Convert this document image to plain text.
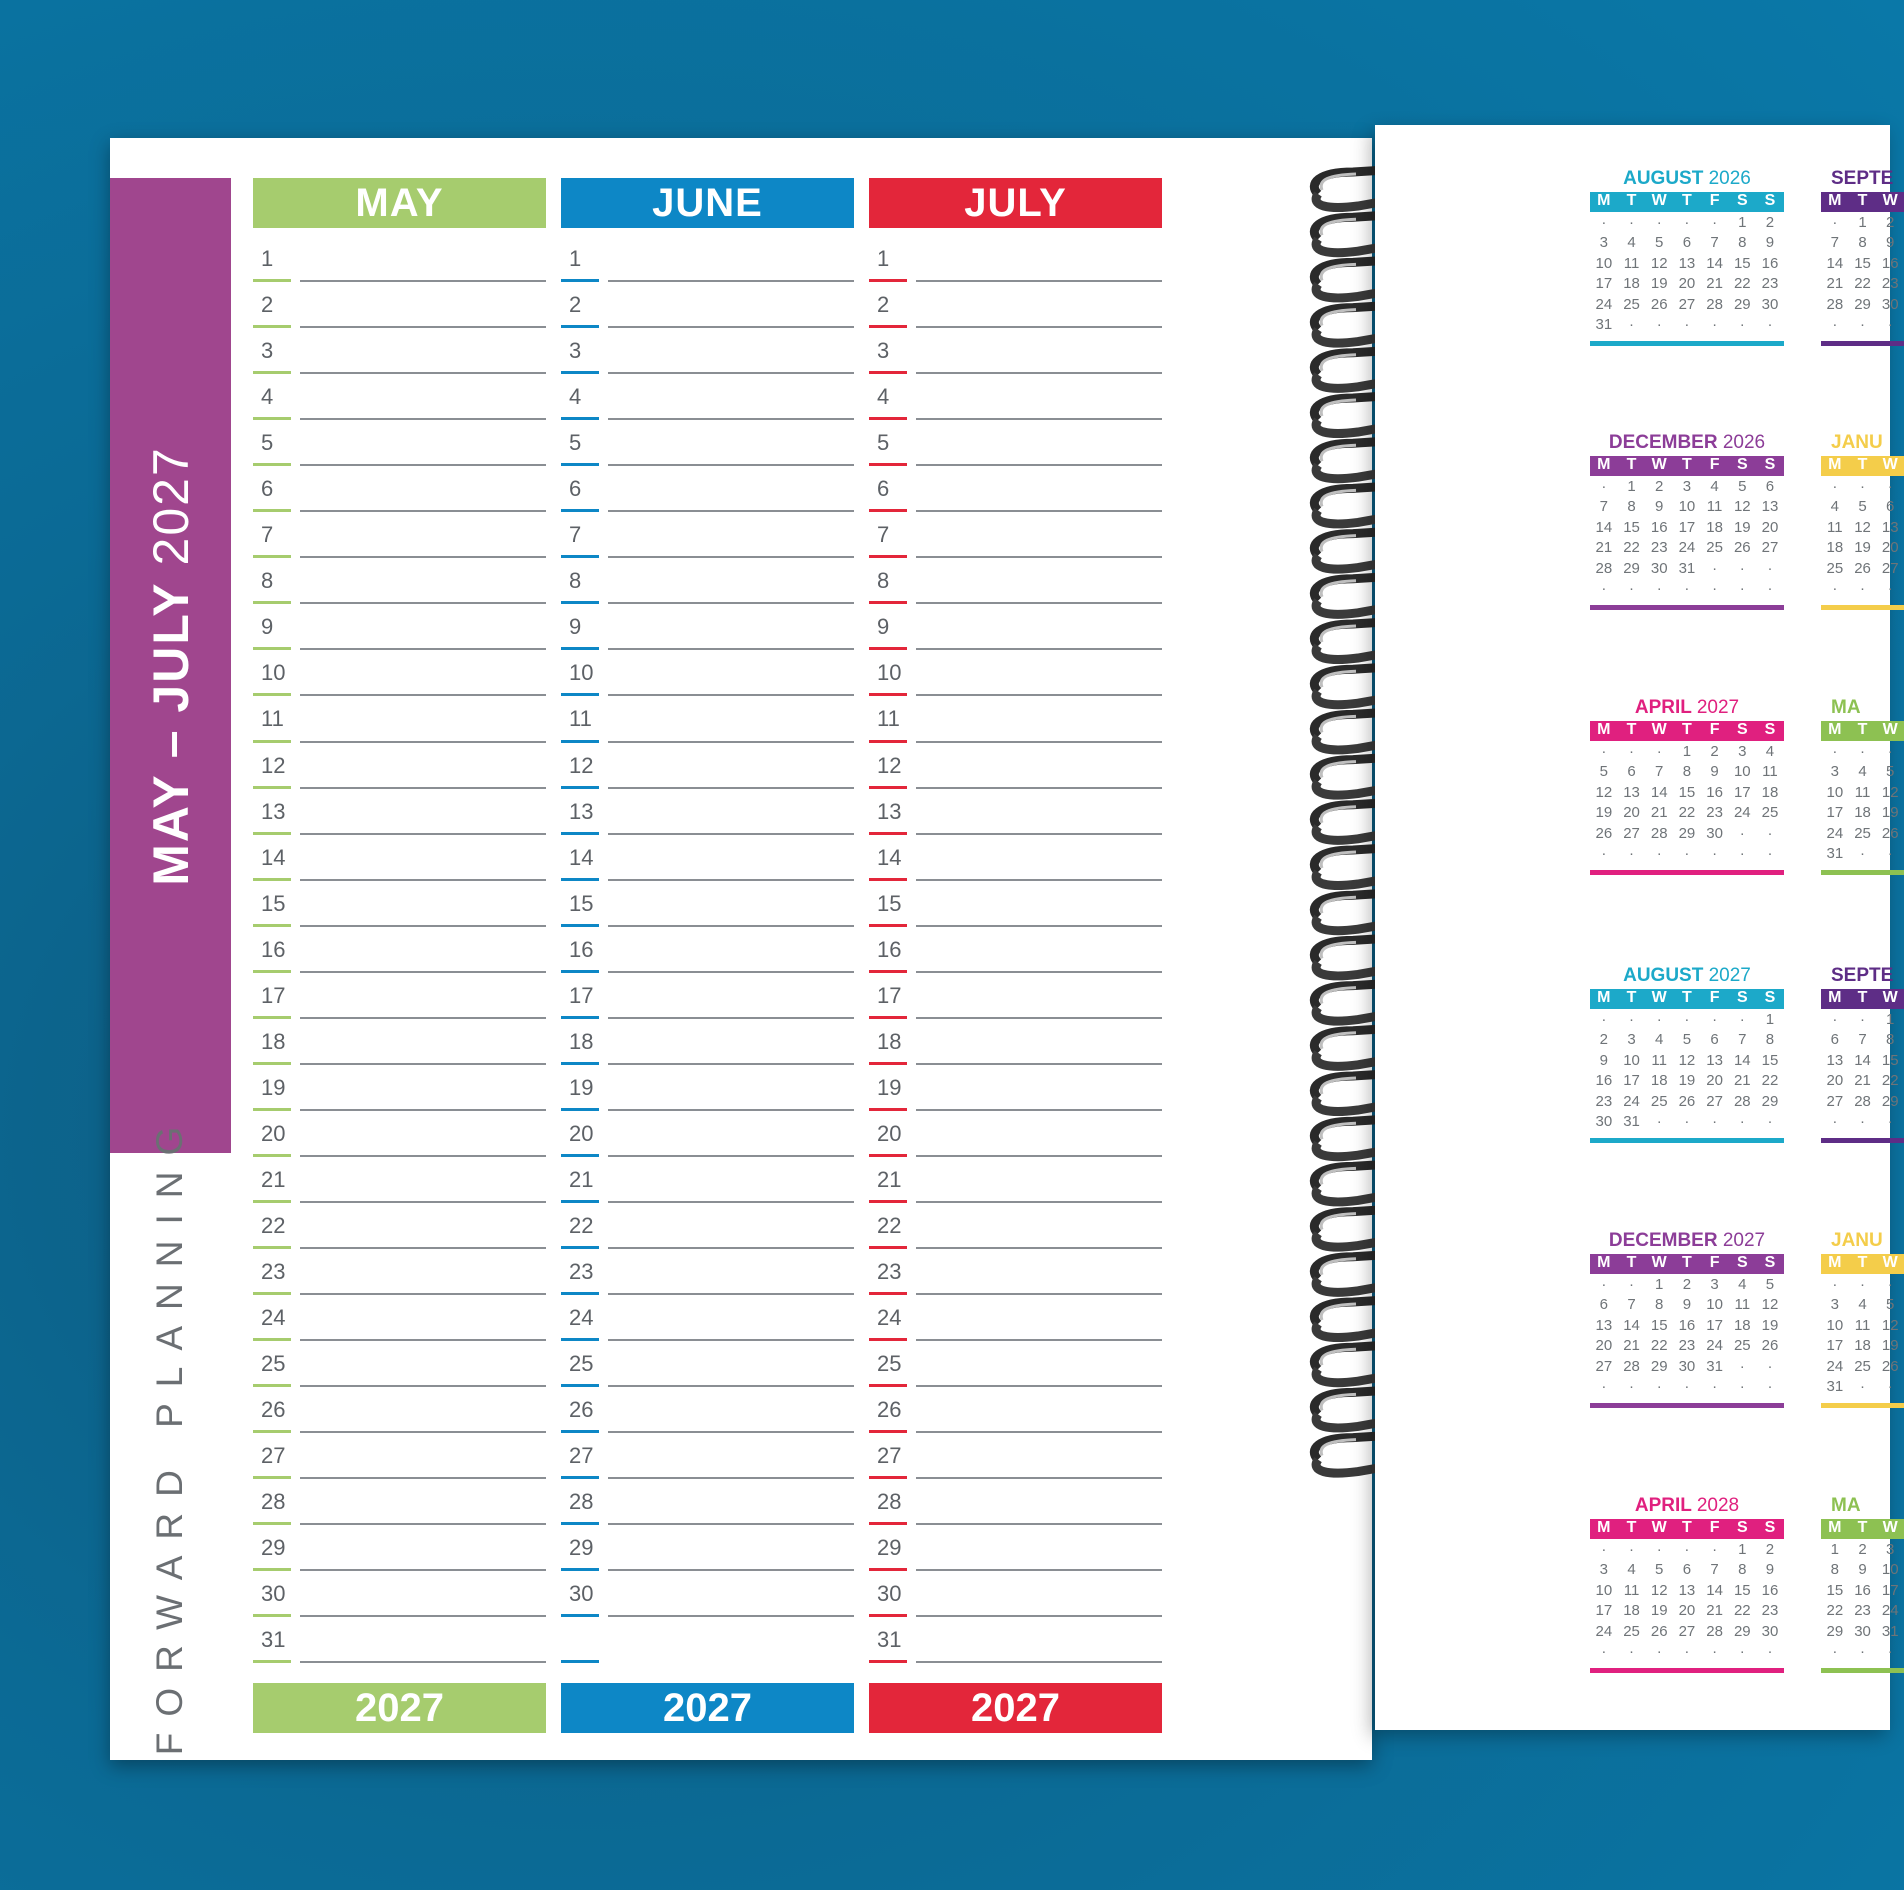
MAY – JULY 2027
FORWARD PLANNING
MAY
1
2
3
4
5
6
7
8
9
10
11
12
13
14
15
16
17
18
19
20
21
22
23
24
25
26
27
28
29
30
31
2027
JUNE
1
2
3
4
5
6
7
8
9
10
11
12
13
14
15
16
17
18
19
20
21
22
23
24
25
26
27
28
29
30
2027
JULY
1
2
3
4
5
6
7
8
9
10
11
12
13
14
15
16
17
18
19
20
21
22
23
24
25
26
27
28
29
30
31
2027
AUGUST 2026
M	T W T	F	S	S
·	·	·	·	·	1	2
3	4	5	6	7	8	9
10 11 12 13 14 15 16
17 18 19 20 21 22 23
24 25 26 27 28 29 30
31	·	·	·	·	·	·
DECEMBER 2026
M	T W T	F	S	S
·	1	2	3	4	5	6
7	8	9	10 11 12 13
14 15 16 17 18 19 20
21 22 23 24 25 26 27
28 29 30 31	·	·	·
·	·	·	·	·	·	·
APRIL 2027
M	T W T	F	S	S
·	·	·	1	2	3	4
5	6	7	8	9	10 11
12 13 14 15 16 17 18
19 20 21 22 23 24 25
26 27 28 29 30	·	·
·	·	·	·	·	·	·
AUGUST 2027
M	T W T	F	S	S
·	·	·	·	·	·	1
2	3	4	5	6	7	8
9	10 11 12 13 14 15
16 17 18 19 20 21 22
23 24 25 26 27 28 29
30 31	·	·	·	·	·
DECEMBER 2027
M	T W T	F	S	S
·	·	1	2	3	4	5
6	7	8	9	10 11 12
13 14 15 16 17 18 19
20 21 22 23 24 25 26
27 28 29 30 31	·	·
·	·	·	·	·	·	·
APRIL 2028
M	T W T	F	S	S
·	·	·	·	·	1	2
3	4	5	6	7	8	9
10 11 12 13 14 15 16
17 18 19 20 21 22 23
24 25 26 27 28 29 30
·	·	·	·	·	·	·
SEPTE
M	T W
·	1	2
7	8	9
14 15 16
21 22 23
28 29 30
·	·	·
JANU
M	T W
·	·	·
4	5	6
11 12 13
18 19 20
25 26 27
·	·	·
MA
M	T W
·	·	·
3	4	5
10 11 12
17 18 19
24 25 26
31	·	·
SEPTE
M	T W
·	·	1
6	7	8
13 14 15
20 21 22
27 28 29
·	·	·
JANU
M	T W
·	·	·
3	4	5
10 11 12
17 18 19
24 25 26
31	·	·
MA
M	T W
1	2	3
8	9	10
15 16 17
22 23 24
29 30 31
·	·	·
